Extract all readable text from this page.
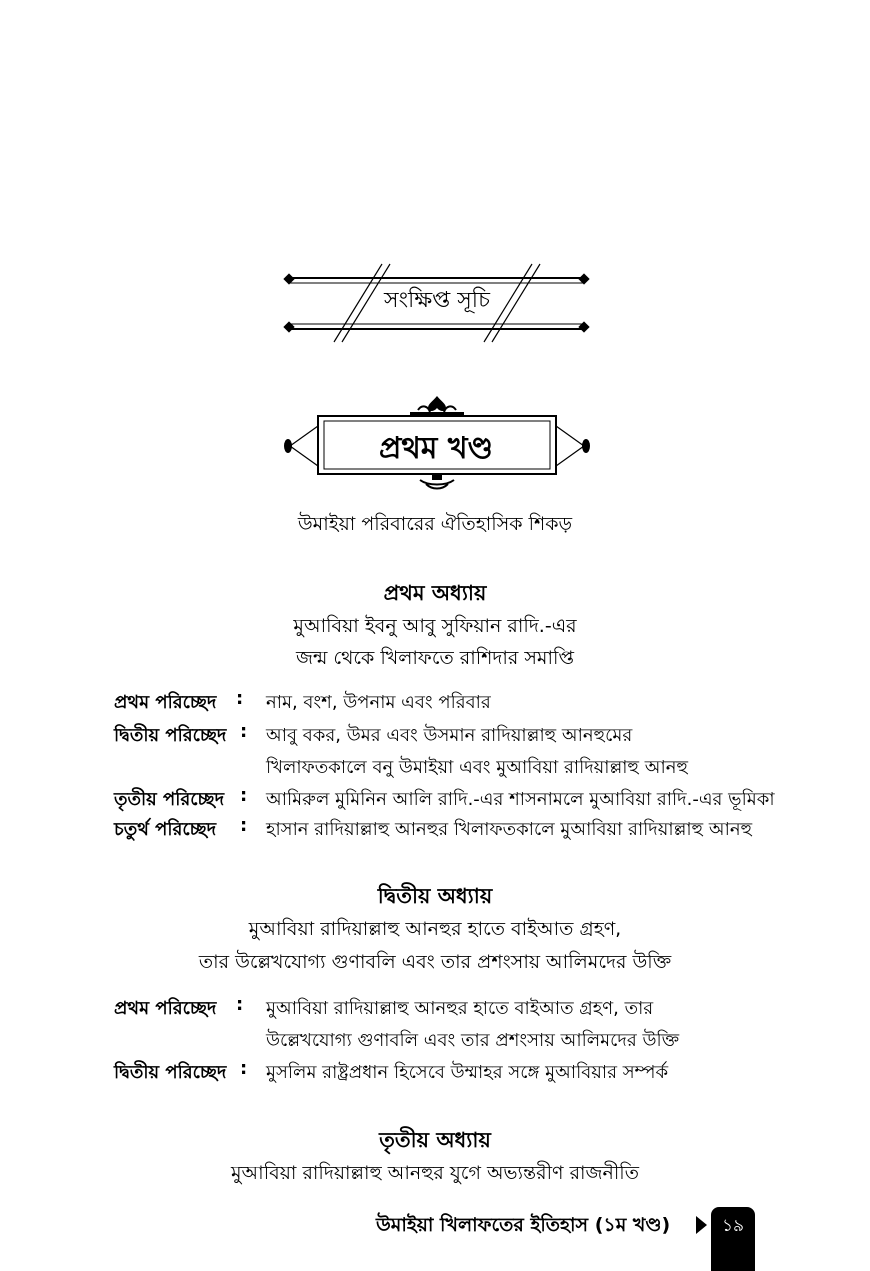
সংক্ষিপ্ত সূচি
প্রথম খণ্ড
উমাইয়া পরিবারের ঐতিহাসিক শিকড়
প্রথম অধ্যায়
মুআবিয়া ইবনু আবু সুফিয়ান রাদি.-এর
জন্ম থেকে খিলাফতে রাশিদার সমাপ্তি
প্রথম পরিচ্ছেদ : নাম, বংশ, উপনাম এবং পরিবার
দ্বিতীয় পরিচ্ছেদ : আবু বকর, উমর এবং উসমান রাদিয়াল্লাহু আনহুমের
খিলাফতকালে বনু উমাইয়া এবং মুআবিয়া রাদিয়াল্লাহু আনহু
তৃতীয় পরিচ্ছেদ : আমিরুল মুমিনিন আলি রাদি.-এর শাসনামলে মুআবিয়া রাদি.-এর ভূমিকা
চতুর্থ পরিচ্ছেদ : হাসান রাদিয়াল্লাহু আনহুর খিলাফতকালে মুআবিয়া রাদিয়াল্লাহু আনহু
দ্বিতীয় অধ্যায়
মুআবিয়া রাদিয়াল্লাহু আনহুর হাতে বাইআত গ্রহণ,
তার উল্লেখযোগ্য গুণাবলি এবং তার প্রশংসায় আলিমদের উক্তি
প্রথম পরিচ্ছেদ : মুআবিয়া রাদিয়াল্লাহু আনহুর হাতে বাইআত গ্রহণ, তার
উল্লেখযোগ্য গুণাবলি এবং তার প্রশংসায় আলিমদের উক্তি
দ্বিতীয় পরিচ্ছেদ : মুসলিম রাষ্ট্রপ্রধান হিসেবে উম্মাহর সঙ্গে মুআবিয়ার সম্পর্ক
তৃতীয় অধ্যায়
মুআবিয়া রাদিয়াল্লাহু আনহুর যুগে অভ্যন্তরীণ রাজনীতি
উমাইয়া খিলাফতের ইতিহাস (১ম খণ্ড)	১৯
